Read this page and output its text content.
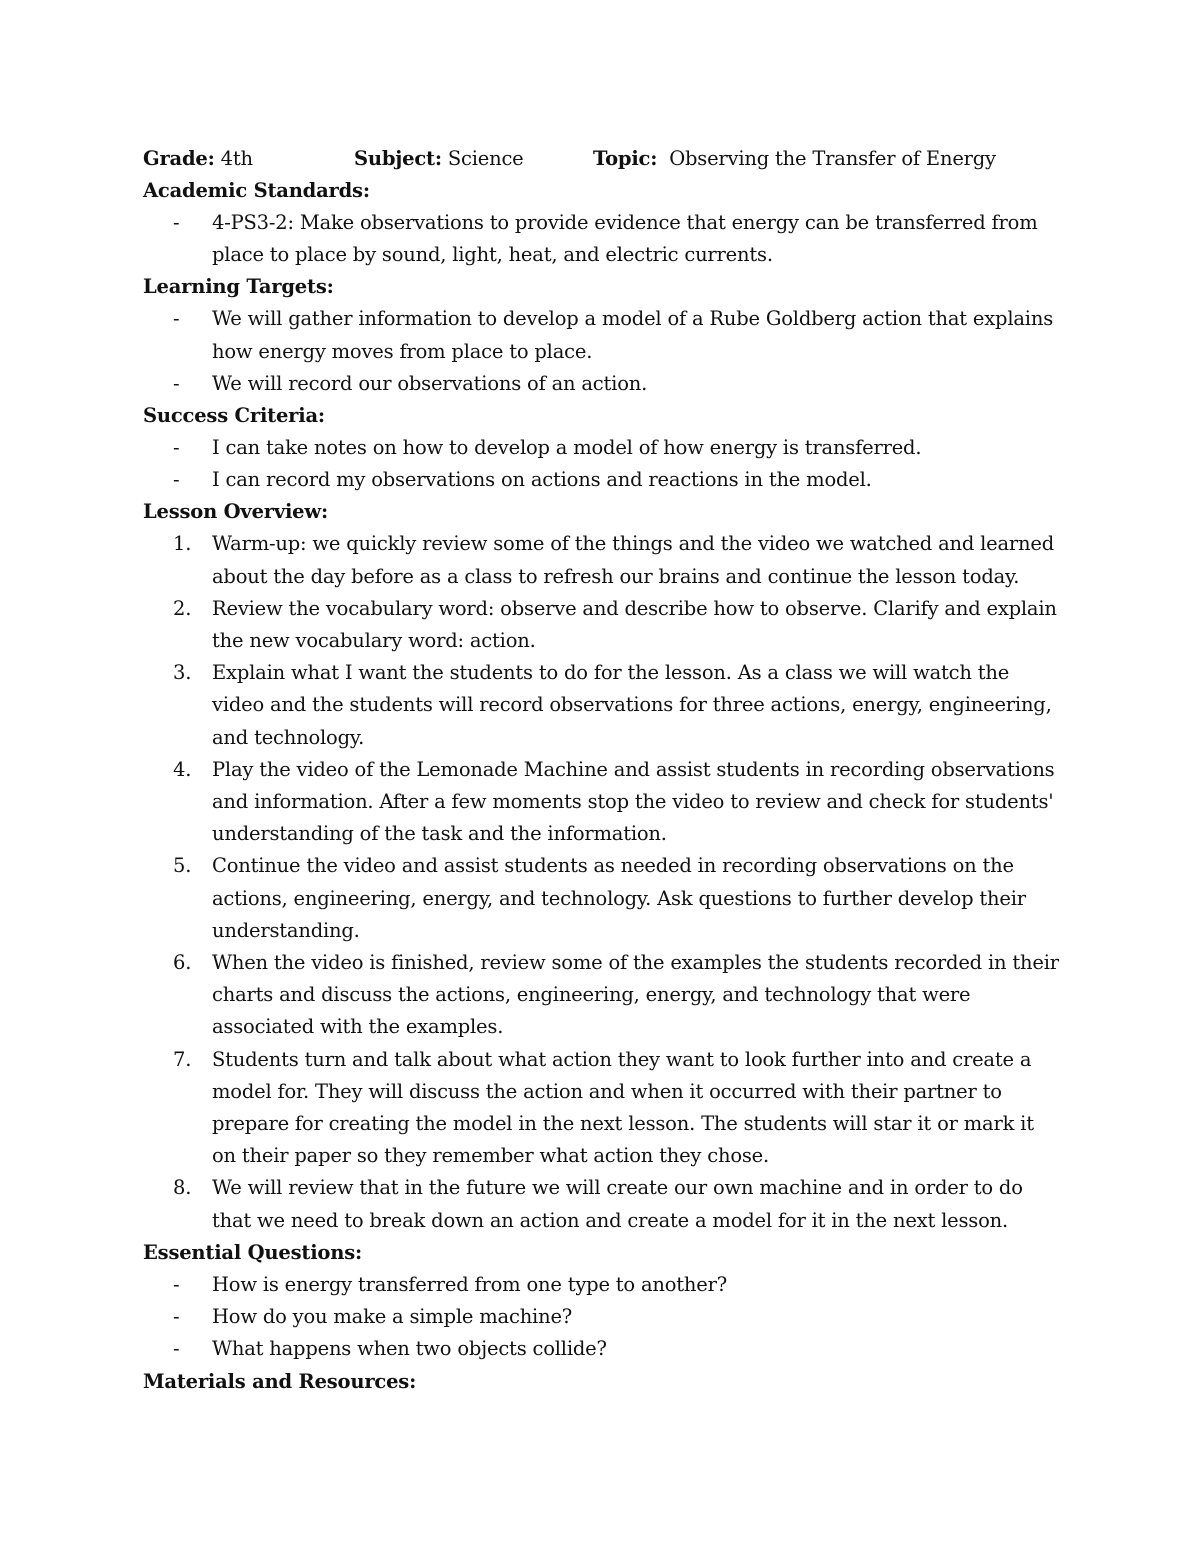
Grade: 4th	Subject: Science	Topic: Observing the Transfer of Energy
Academic Standards:
- 4-PS3-2: Make observations to provide evidence that energy can be transferred from place to place by sound, light, heat, and electric currents.
Learning Targets:
- We will gather information to develop a model of a Rube Goldberg action that explains how energy moves from place to place.
- We will record our observations of an action.
Success Criteria:
- I can take notes on how to develop a model of how energy is transferred.
- I can record my observations on actions and reactions in the model.
Lesson Overview:
1. Warm-up: we quickly review some of the things and the video we watched and learned about the day before as a class to refresh our brains and continue the lesson today.
2. Review the vocabulary word: observe and describe how to observe. Clarify and explain the new vocabulary word: action.
3. Explain what I want the students to do for the lesson. As a class we will watch the video and the students will record observations for three actions, energy, engineering, and technology.
4. Play the video of the Lemonade Machine and assist students in recording observations and information. After a few moments stop the video to review and check for students' understanding of the task and the information.
5. Continue the video and assist students as needed in recording observations on the actions, engineering, energy, and technology. Ask questions to further develop their understanding.
6. When the video is finished, review some of the examples the students recorded in their charts and discuss the actions, engineering, energy, and technology that were associated with the examples.
7. Students turn and talk about what action they want to look further into and create a model for. They will discuss the action and when it occurred with their partner to prepare for creating the model in the next lesson. The students will star it or mark it on their paper so they remember what action they chose.
8. We will review that in the future we will create our own machine and in order to do that we need to break down an action and create a model for it in the next lesson.
Essential Questions:
- How is energy transferred from one type to another?
- How do you make a simple machine?
- What happens when two objects collide?
Materials and Resources:
